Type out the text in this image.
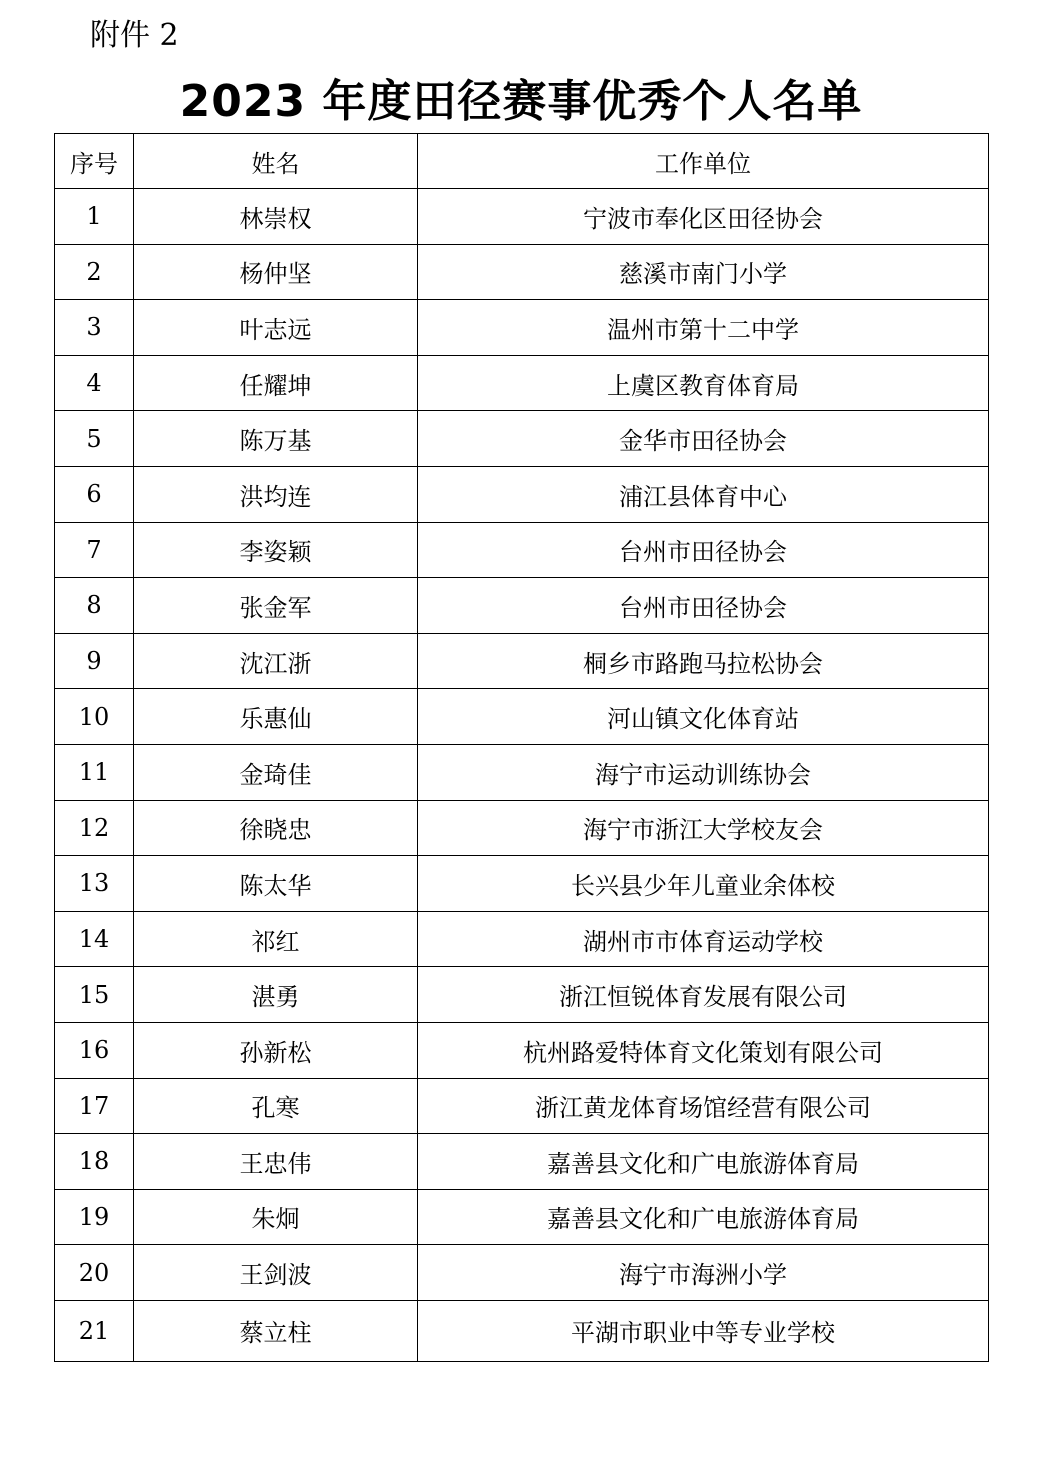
附件 2
2023 年度田径赛事优秀个人名单
序号	姓名	工作单位
1	林崇权	宁波市奉化区田径协会
2	杨仲坚	慈溪市南门小学
3	叶志远	温州市第十二中学
4	任耀坤	上虞区教育体育局
5	陈万基	金华市田径协会
6	洪均连	浦江县体育中心
7	李姿颖	台州市田径协会
8	张金军	台州市田径协会
9	沈江浙	桐乡市路跑马拉松协会
10	乐惠仙	河山镇文化体育站
11	金琦佳	海宁市运动训练协会
12	徐晓忠	海宁市浙江大学校友会
13	陈太华	长兴县少年儿童业余体校
14	祁红	湖州市市体育运动学校
15	湛勇	浙江恒锐体育发展有限公司
16	孙新松	杭州路爱特体育文化策划有限公司
17	孔寒	浙江黄龙体育场馆经营有限公司
18	王忠伟	嘉善县文化和广电旅游体育局
19	朱炯	嘉善县文化和广电旅游体育局
20	王剑波	海宁市海洲小学
21	蔡立柱	平湖市职业中等专业学校
